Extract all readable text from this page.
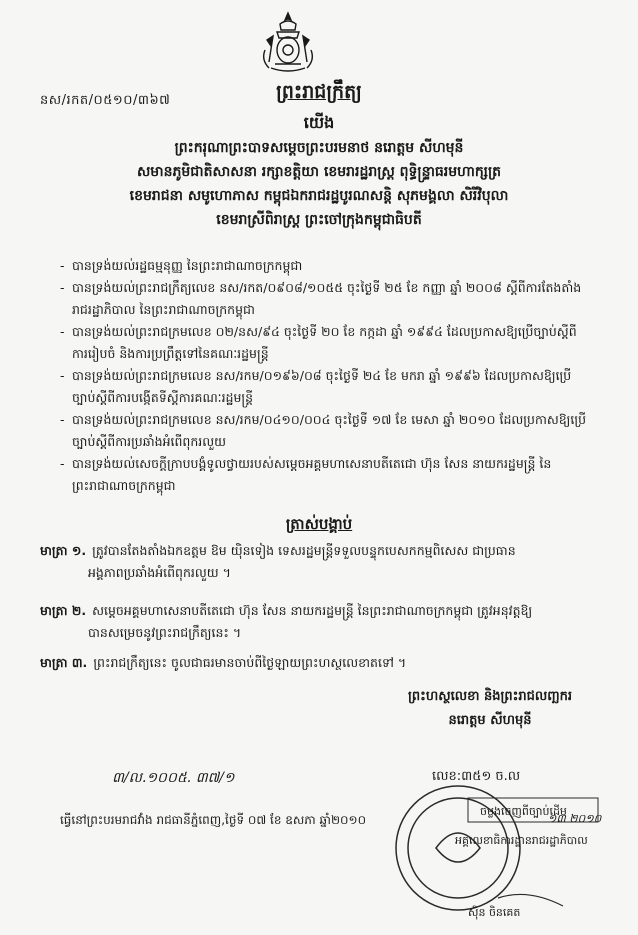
នស/រកត/០៥១០/៣៦៧	ព្រះរាជក្រឹត្យ
យើង
ព្រះករុណាព្រះបាទសម្តេចព្រះបរមនាថ នរោត្តម សីហមុនី
សមានភូមិជាតិសាសនា រក្សាខត្តិយា ខេមរារដ្ឋរាស្ត្រ ពុទ្ធិន្ទ្រាធរមហាក្សត្រ
ខេមរាជនា សមូហោភាស កម្ពុជឯករាជរដ្ឋបូរណសន្តិ សុភមង្គលា សិរីវិបុលា
ខេមរាស្រីពិរាស្ត្រ ព្រះចៅក្រុងកម្ពុជាធិបតី
- បានទ្រង់យល់រដ្ឋធម្មនុញ្ញ នៃព្រះរាជាណាចក្រកម្ពុជា
- បានទ្រង់យល់ព្រះរាជក្រឹត្យលេខ នស/រកត/០៩០៨/១០៥៥ ចុះថ្ងៃទី ២៥ ខែ កញ្ញា ឆ្នាំ ២០០៨ ស្តីពីការតែងតាំងរាជរដ្ឋាភិបាល នៃព្រះរាជាណាចក្រកម្ពុជា
- បានទ្រង់យល់ព្រះរាជក្រមលេខ ០២/នស/៩៤ ចុះថ្ងៃទី ២០ ខែ កក្កដា ឆ្នាំ ១៩៩៤ ដែលប្រកាសឱ្យប្រើច្បាប់ស្តីពីការរៀបចំ និងការប្រព្រឹត្តទៅនៃគណៈរដ្ឋមន្ត្រី
- បានទ្រង់យល់ព្រះរាជក្រមលេខ នស/រកម/០១៩៦/០៨ ចុះថ្ងៃទី ២៤ ខែ មករា ឆ្នាំ ១៩៩៦ ដែលប្រកាសឱ្យប្រើច្បាប់ស្តីពីការបង្កើតទីស្តីការគណៈរដ្ឋមន្ត្រី
- បានទ្រង់យល់ព្រះរាជក្រមលេខ នស/រកម/០៤១០/០០៤ ចុះថ្ងៃទី ១៧ ខែ មេសា ឆ្នាំ ២០១០ ដែលប្រកាសឱ្យប្រើច្បាប់ស្តីពីការប្រឆាំងអំពើពុករលួយ
- បានទ្រង់យល់សេចក្តីក្រាបបង្គំទូលថ្វាយរបស់សម្តេចអគ្គមហាសេនាបតីតេជោ ហ៊ុន សែន នាយករដ្ឋមន្ត្រី នៃព្រះរាជាណាចក្រកម្ពុជា
ត្រាស់បង្គាប់
មាត្រា ១. ត្រូវបានតែងតាំងឯកឧត្តម ឱម យ៉ិនទៀង ទេសរដ្ឋមន្ត្រីទទួលបន្ទុកបេសកកម្មពិសេស ជាប្រធាន
អង្គភាពប្រឆាំងអំពើពុករលួយ ។
មាត្រា ២. សម្តេចអគ្គមហាសេនាបតីតេជោ ហ៊ុន សែន នាយករដ្ឋមន្ត្រី នៃព្រះរាជាណាចក្រកម្ពុជា ត្រូវអនុវត្តឱ្យ
បានសម្រេចនូវព្រះរាជក្រឹត្យនេះ ។
មាត្រា ៣. ព្រះរាជក្រឹត្យនេះ ចូលជាធរមានចាប់ពីថ្ងៃឡាយព្រះហស្ថលេខាតទៅ ។
ព្រះហស្ថលេខា និងព្រះរាជលញ្ឆករ
នរោត្តម សីហមុនី
៣/ល.១០០៥. ៣៧/១	លេខ:៣៥១ ច.ល
ធ្វើនៅព្រះបរមរាជវាំង រាជធានីភ្នំពេញ,ថ្ងៃទី ០៧ ខែ ឧសភា ឆ្នាំ២០១០
ចម្លងចេញពីច្បាប់ដើម
១៣ ២០១០
អគ្គលេខាធិការដ្ឋានរាជរដ្ឋាភិបាល
ស៊ិន ចិនគេត
